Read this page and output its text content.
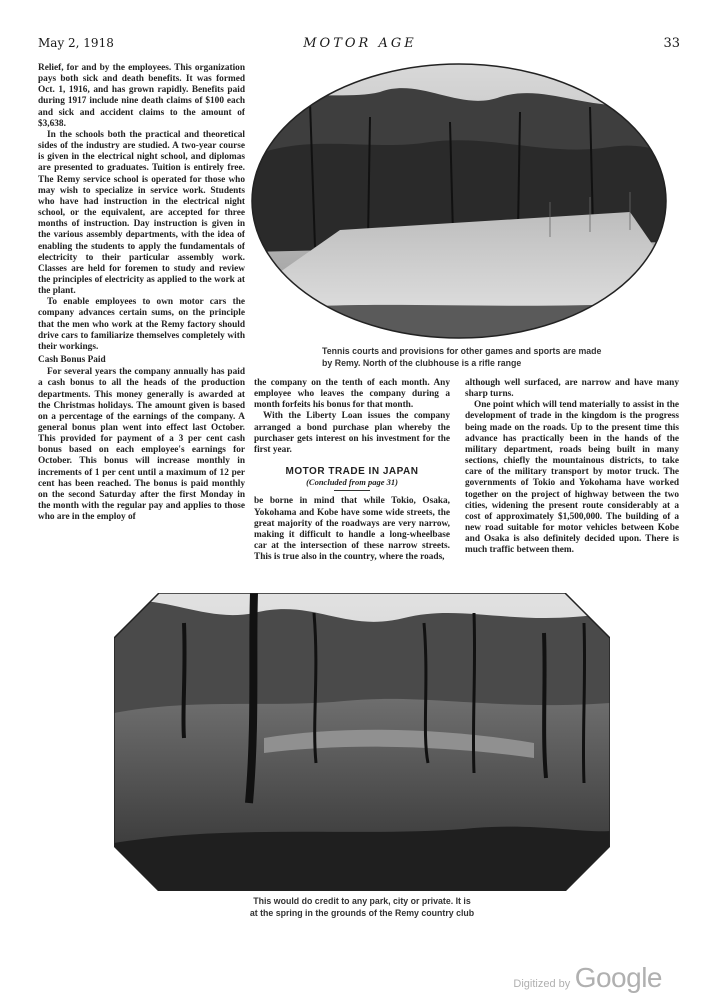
May 2, 1918	MOTOR AGE	33

Relief, for and by the employees. This organization pays both sick and death benefits. It was formed Oct. 1, 1916, and has grown rapidly. Benefits paid during 1917 include nine death claims of $100 each and sick and accident claims to the amount of $3,638.

In the schools both the practical and theoretical sides of the industry are studied. A two-year course is given in the electrical night school, and diplomas are presented to graduates. Tuition is entirely free. The Remy service school is operated for those who may wish to specialize in service work. Students who have had instruction in the electrical night school, or the equivalent, are accepted for three months of instruction. Day instruction is given in the various assembly departments, with the idea of enabling the students to apply the fundamentals of electricity to their particular assembly work. Classes are held for foremen to study and review the principles of electricity as applied to the work at the plant.

To enable employees to own motor cars the company advances certain sums, on the principle that the men who work at the Remy factory should drive cars to familiarize themselves completely with their workings.

Cash Bonus Paid

For several years the company annually has paid a cash bonus to all the heads of the production departments. This money generally is awarded at the Christmas holidays. The amount given is based on a percentage of the earnings of the company. A general bonus plan went into effect last October. This provided for payment of a 3 per cent cash bonus based on each employee's earnings for October. This bonus will increase monthly in increments of 1 per cent until a maximum of 12 per cent has been reached. The bonus is paid monthly on the second Saturday after the first Monday in the month with the regular pay and applies to those who are in the employ of

Tennis courts and provisions for other games and sports are made by Remy. North of the clubhouse is a rifle range

the company on the tenth of each month. Any employee who leaves the company during a month forfeits his bonus for that month.

With the Liberty Loan issues the company arranged a bond purchase plan whereby the purchaser gets interest on his investment for the first year.

MOTOR TRADE IN JAPAN
(Concluded from page 31)

be borne in mind that while Tokio, Osaka, Yokohama and Kobe have some wide streets, the great majority of the roadways are very narrow, making it difficult to handle a long-wheelbase car at the intersection of these narrow streets. This is true also in the country, where the roads,

although well surfaced, are narrow and have many sharp turns.

One point which will tend materially to assist in the development of trade in the kingdom is the progress being made on the roads. Up to the present time this advance has practically been in the hands of the military department, roads being built in many sections, chiefly the mountainous districts, to take care of the military transport by motor truck. The governments of Tokio and Yokohama have worked together on the project of highway between the two cities, widening the present route considerably at a cost of approximately $1,500,000. The building of a new road suitable for motor vehicles between Kobe and Osaka is also definitely decided upon. There is much traffic between them.

This would do credit to any park, city or private. It is
at the spring in the grounds of the Remy country club
Digitized by Google
